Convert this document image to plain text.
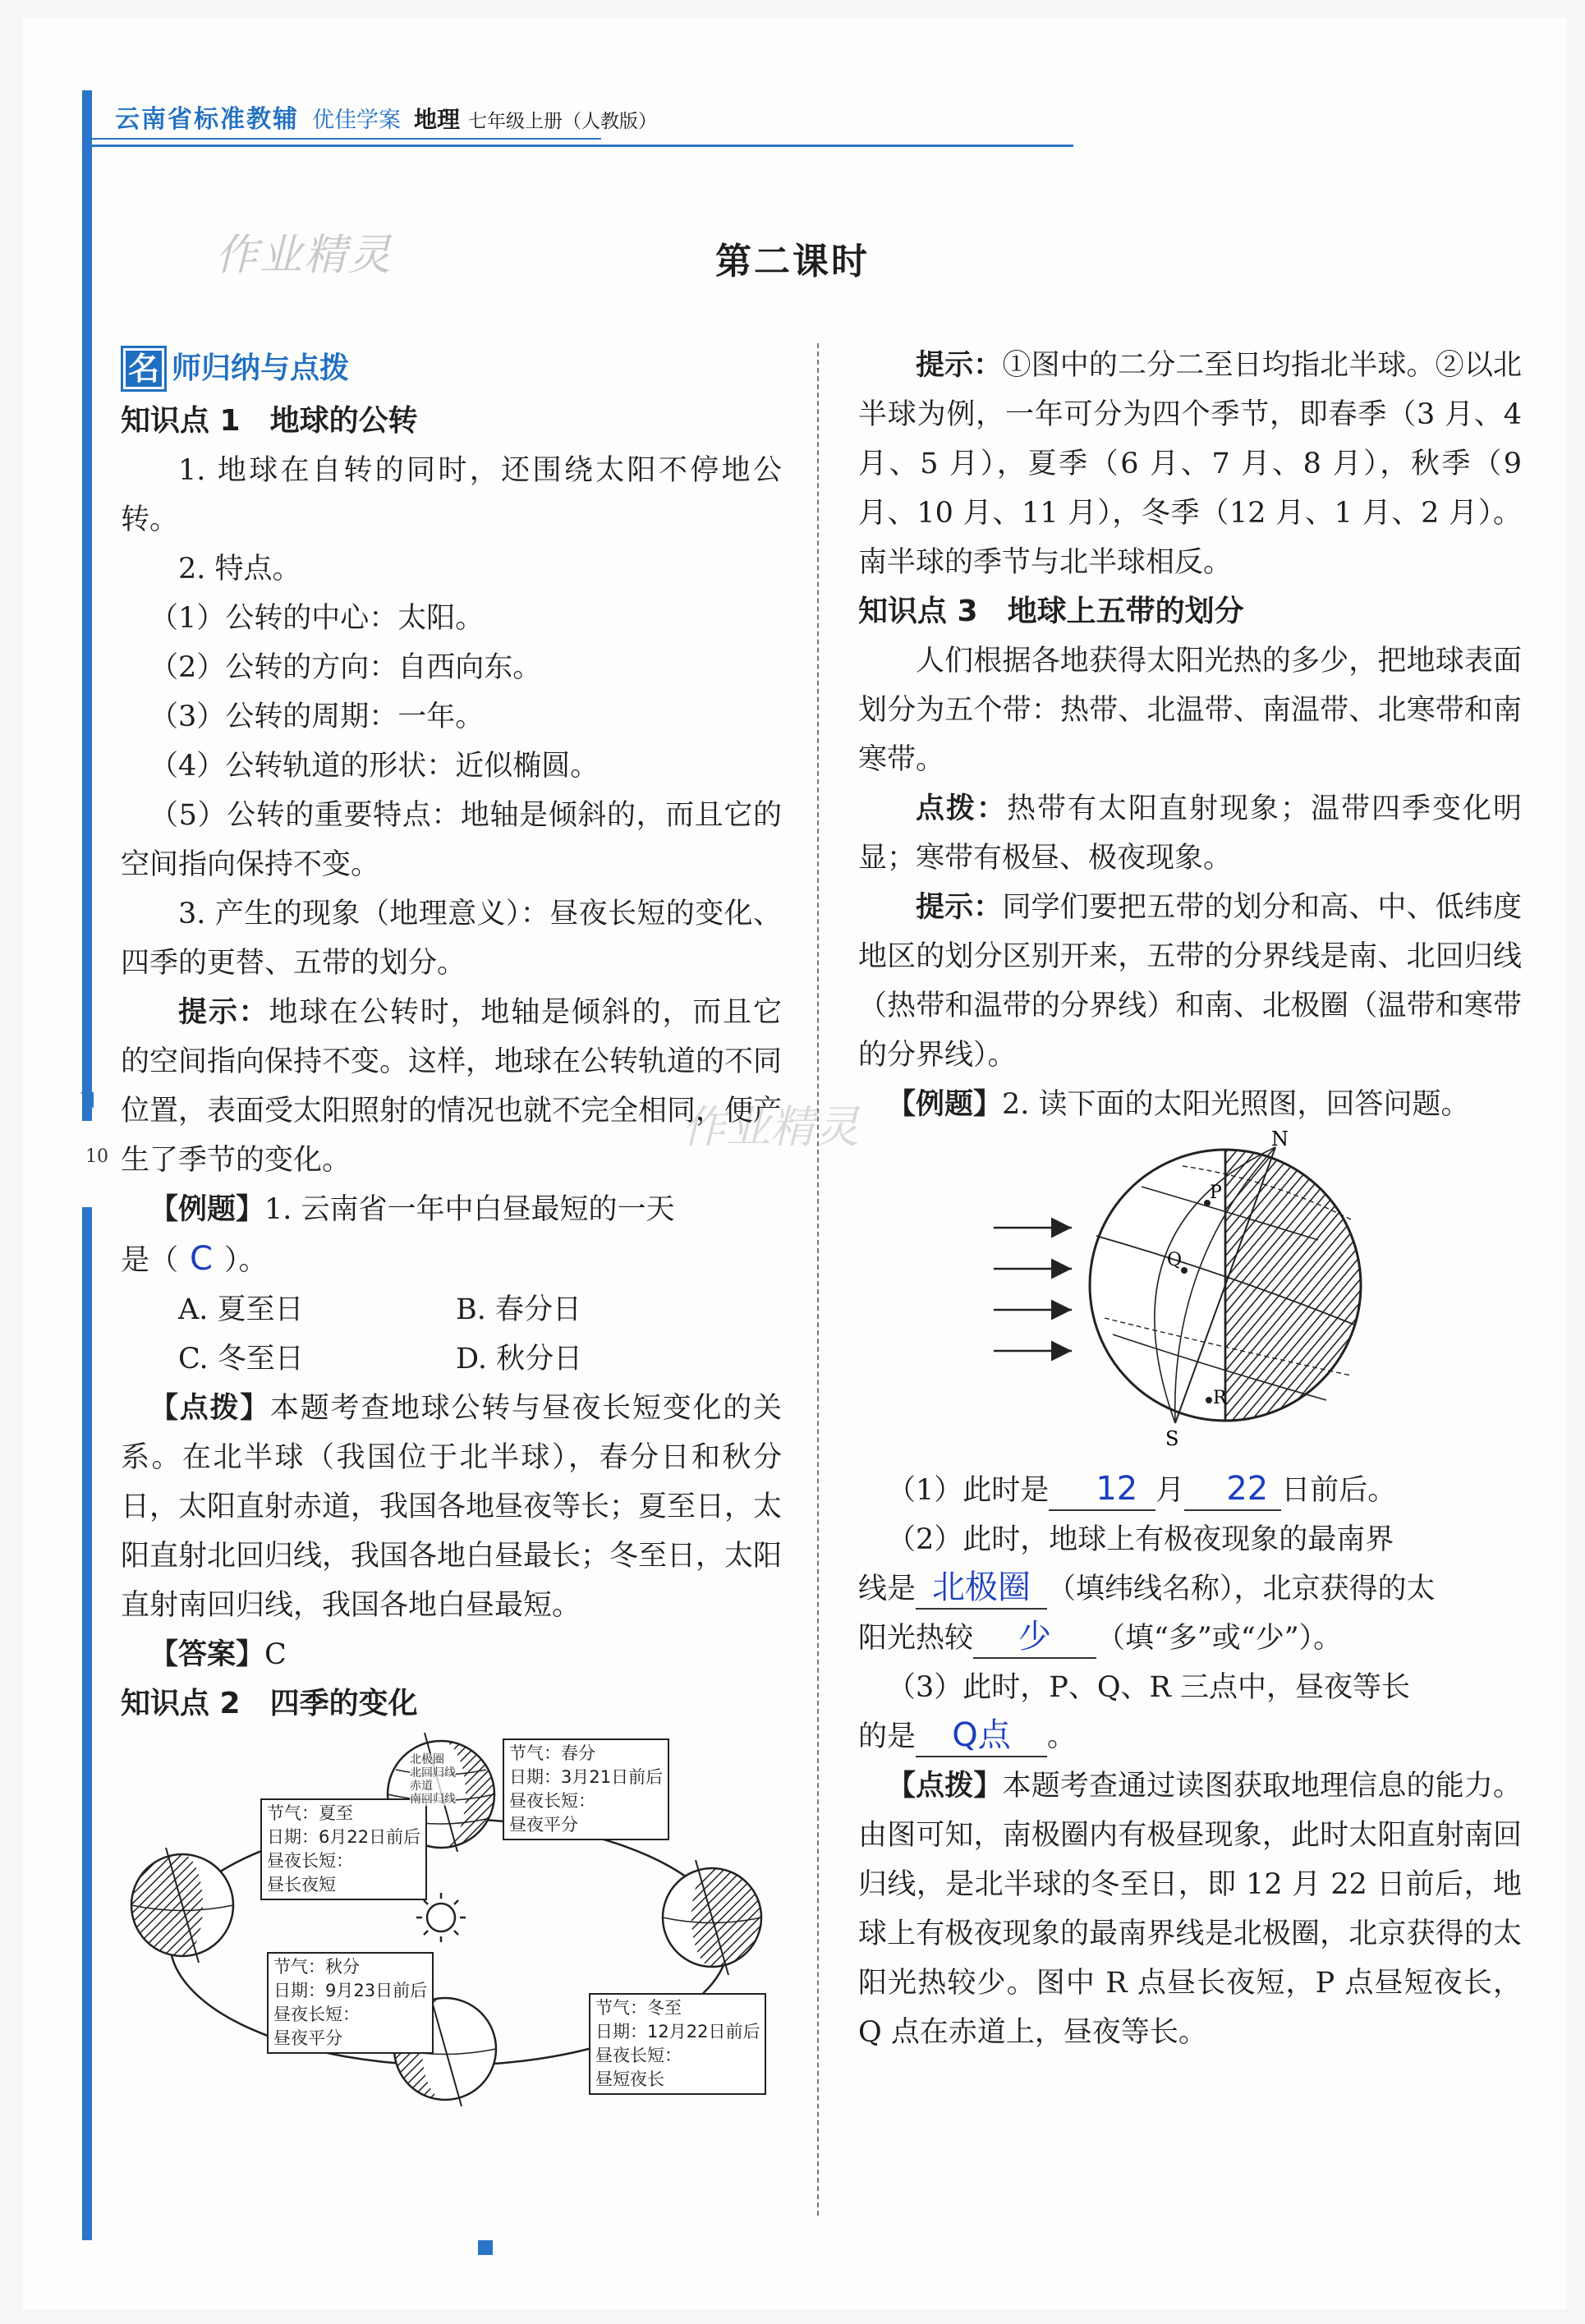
10
云南省标准教辅 优佳学案 地理 七年级上册（人教版）
作业精灵
作业精灵
第二课时
名 师归纳与点拨

知识点 1　地球的公转

1. 地球在自转的同时，还围绕太阳不停地公转。

2. 特点。

（1）公转的中心：太阳。

（2）公转的方向：自西向东。

（3）公转的周期：一年。

（4）公转轨道的形状：近似椭圆。

（5）公转的重要特点：地轴是倾斜的，而且它的空间指向保持不变。

3. 产生的现象（地理意义）：昼夜长短的变化、四季的更替、五带的划分。

提示：地球在公转时，地轴是倾斜的，而且它的空间指向保持不变。这样，地球在公转轨道的不同位置，表面受太阳照射的情况也就不完全相同，便产生了季节的变化。

【例题】1. 云南省一年中白昼最短的一天

是（ C ）。

A. 夏至日	B. 春分日
C. 冬至日	D. 秋分日

【点拨】本题考查地球公转与昼夜长短变化的关系。在北半球（我国位于北半球），春分日和秋分日，太阳直射赤道，我国各地昼夜等长；夏至日，太阳直射北回归线，我国各地白昼最长；冬至日，太阳直射南回归线，我国各地白昼最短。

【答案】C

知识点 2　四季的变化

节气：春分
日期：3月21日前后
昼夜长短：
昼夜平分
节气：夏至
日期：6月22日前后
昼夜长短：
昼长夜短
节气：秋分
日期：9月23日前后
昼夜长短：
昼夜平分
节气：冬至
日期：12月22日前后
昼夜长短：
昼短夜长
北极圈
北回归线
赤道
南回归线

提示：①图中的二分二至日均指北半球。②以北半球为例，一年可分为四个季节，即春季（3 月、4 月、5 月），夏季（6 月、7 月、8 月），秋季（9 月、10 月、11 月），冬季（12 月、1 月、2 月）。南半球的季节与北半球相反。

知识点 3　地球上五带的划分

人们根据各地获得太阳光热的多少，把地球表面划分为五个带：热带、北温带、南温带、北寒带和南寒带。

点拨：热带有太阳直射现象；温带四季变化明显；寒带有极昼、极夜现象。

提示：同学们要把五带的划分和高、中、低纬度地区的划分区别开来，五带的分界线是南、北回归线（热带和温带的分界线）和南、北极圈（温带和寒带的分界线）。

【例题】2. 读下面的太阳光照图，回答问题。

N
S
P
Q
R

（1）此时是 12 月 22 日前后。

（2）此时，地球上有极夜现象的最南界

线是 北极圈 （填纬线名称），北京获得的太

阳光热较 少 （填“多”或“少”）。

（3）此时，P、Q、R 三点中，昼夜等长

的是 Q点 。

【点拨】本题考查通过读图获取地理信息的能力。由图可知，南极圈内有极昼现象，此时太阳直射南回归线，是北半球的冬至日，即 12 月 22 日前后，地球上有极夜现象的最南界线是北极圈，北京获得的太阳光热较少。图中 R 点昼长夜短，P 点昼短夜长，Q 点在赤道上，昼夜等长。
